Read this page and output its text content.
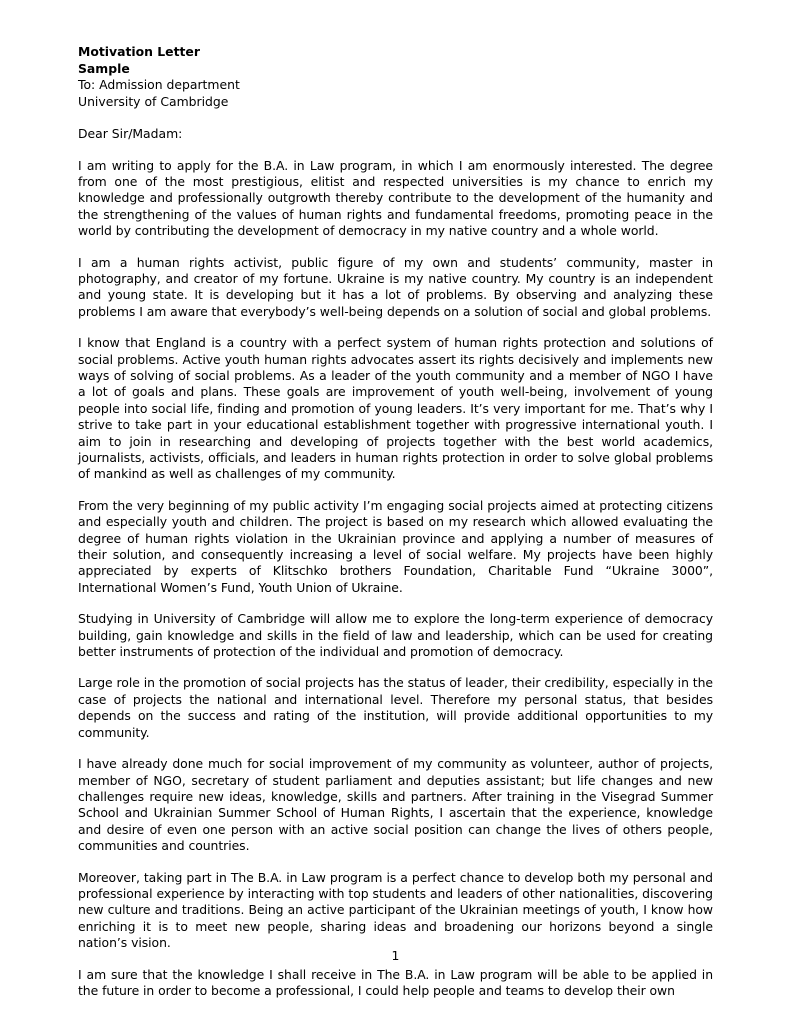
Motivation Letter
Sample
To: Admission department
University of Cambridge

Dear Sir/Madam:

I am writing to apply for the B.A. in Law program, in which I am enormously interested. The degree from one of the most prestigious, elitist and respected universities is my chance to enrich my knowledge and professionally outgrowth thereby contribute to the development of the humanity and the strengthening of the values of human rights and fundamental freedoms, promoting peace in the world by contributing the development of democracy in my native country and a whole world.

I am a human rights activist, public figure of my own and students’ community, master in photography, and creator of my fortune. Ukraine is my native country. My country is an independent and young state. It is developing but it has a lot of problems. By observing and analyzing these problems I am aware that everybody’s well-being depends on a solution of social and global problems.

I know that England is a country with a perfect system of human rights protection and solutions of social problems. Active youth human rights advocates assert its rights decisively and implements new ways of solving of social problems. As a leader of the youth community and a member of NGO I have a lot of goals and plans. These goals are improvement of youth well-being, involvement of young people into social life, finding and promotion of young leaders. It’s very important for me. That’s why I strive to take part in your educational establishment together with progressive international youth. I aim to join in researching and developing of projects together with the best world academics, journalists, activists, officials, and leaders in human rights protection in order to solve global problems of mankind as well as challenges of my community.

From the very beginning of my public activity I’m engaging social projects aimed at protecting citizens and especially youth and children. The project is based on my research which allowed evaluating the degree of human rights violation in the Ukrainian province and applying a number of measures of their solution, and consequently increasing a level of social welfare. My projects have been highly appreciated by experts of Klitschko brothers Foundation, Charitable Fund “Ukraine 3000”, International Women’s Fund, Youth Union of Ukraine.

Studying in University of Cambridge will allow me to explore the long-term experience of democracy building, gain knowledge and skills in the field of law and leadership, which can be used for creating better instruments of protection of the individual and promotion of democracy.

Large role in the promotion of social projects has the status of leader, their credibility, especially in the case of projects the national and international level. Therefore my personal status, that besides depends on the success and rating of the institution, will provide additional opportunities to my community.

I have already done much for social improvement of my community as volunteer, author of projects, member of NGO, secretary of student parliament and deputies assistant; but life changes and new challenges require new ideas, knowledge, skills and partners. After training in the Visegrad Summer School and Ukrainian Summer School of Human Rights, I ascertain that the experience, knowledge and desire of even one person with an active social position can change the lives of others people, communities and countries.

Moreover, taking part in The B.A. in Law program is a perfect chance to develop both my personal and professional experience by interacting with top students and leaders of other nationalities, discovering new culture and traditions. Being an active participant of the Ukrainian meetings of youth, I know how enriching it is to meet new people, sharing ideas and broadening our horizons beyond a single nation’s vision.

I am sure that the knowledge I shall receive in The B.A. in Law program will be able to be applied in the future in order to become a professional, I could help people and teams to develop their own

1
